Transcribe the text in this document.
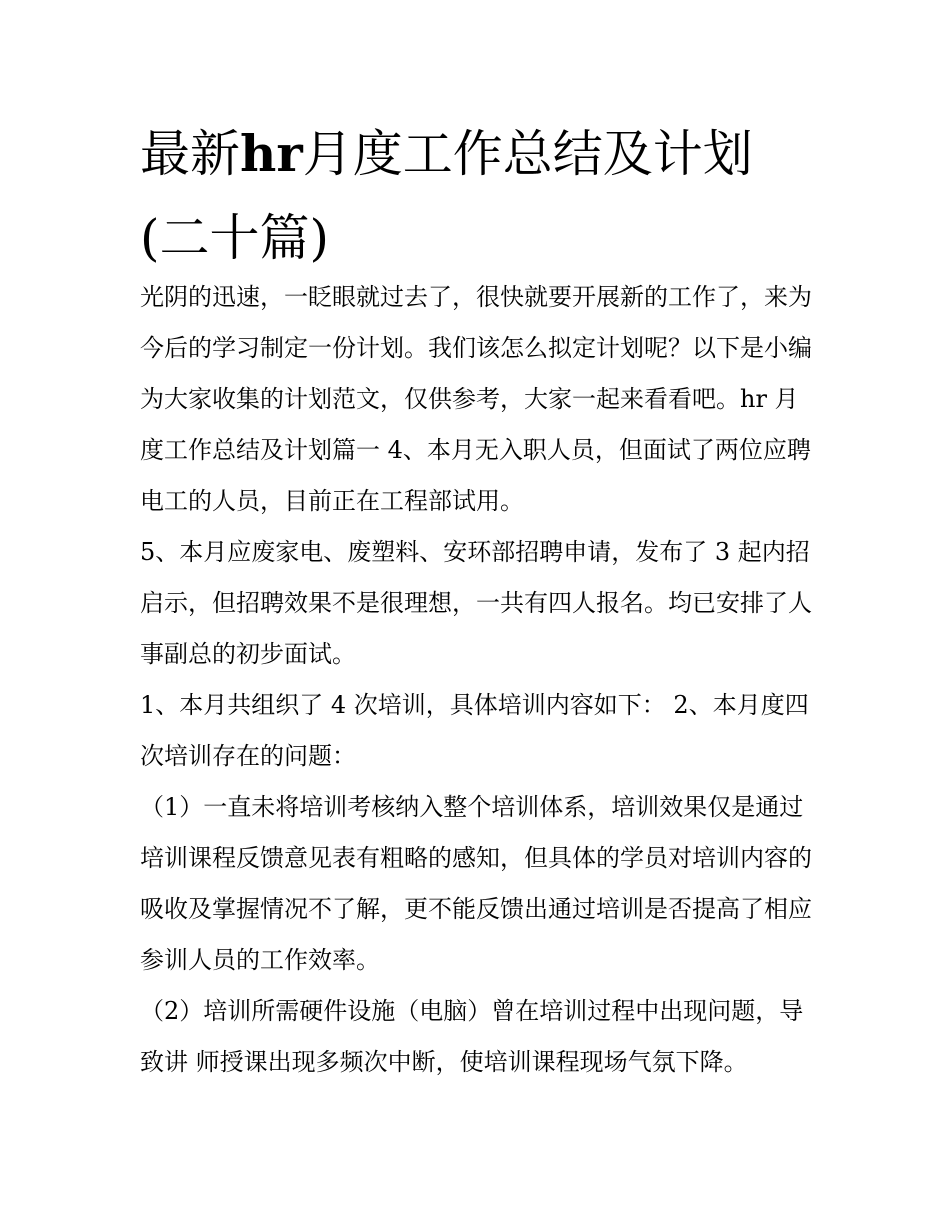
最新hr月度工作总结及计划(二十篇)

光阴的迅速，一眨眼就过去了，很快就要开展新的工作了，来为今后的学习制定一份计划。我们该怎么拟定计划呢？以下是小编为大家收集的计划范文，仅供参考，大家一起来看看吧。hr 月度工作总结及计划篇一 4、本月无入职人员，但面试了两位应聘电工的人员，目前正在工程部试用。

5、本月应废家电、废塑料、安环部招聘申请，发布了 3 起内招启示，但招聘效果不是很理想，一共有四人报名。均已安排了人事副总的初步面试。

1、本月共组织了 4 次培训，具体培训内容如下： 2、本月度四次培训存在的问题：

（1）一直未将培训考核纳入整个培训体系，培训效果仅是通过培训课程反馈意见表有粗略的感知，但具体的学员对培训内容的吸收及掌握情况不了解，更不能反馈出通过培训是否提高了相应参训人员的工作效率。

（2）培训所需硬件设施（电脑）曾在培训过程中出现问题，导致讲 师授课出现多频次中断，使培训课程现场气氛下降。
